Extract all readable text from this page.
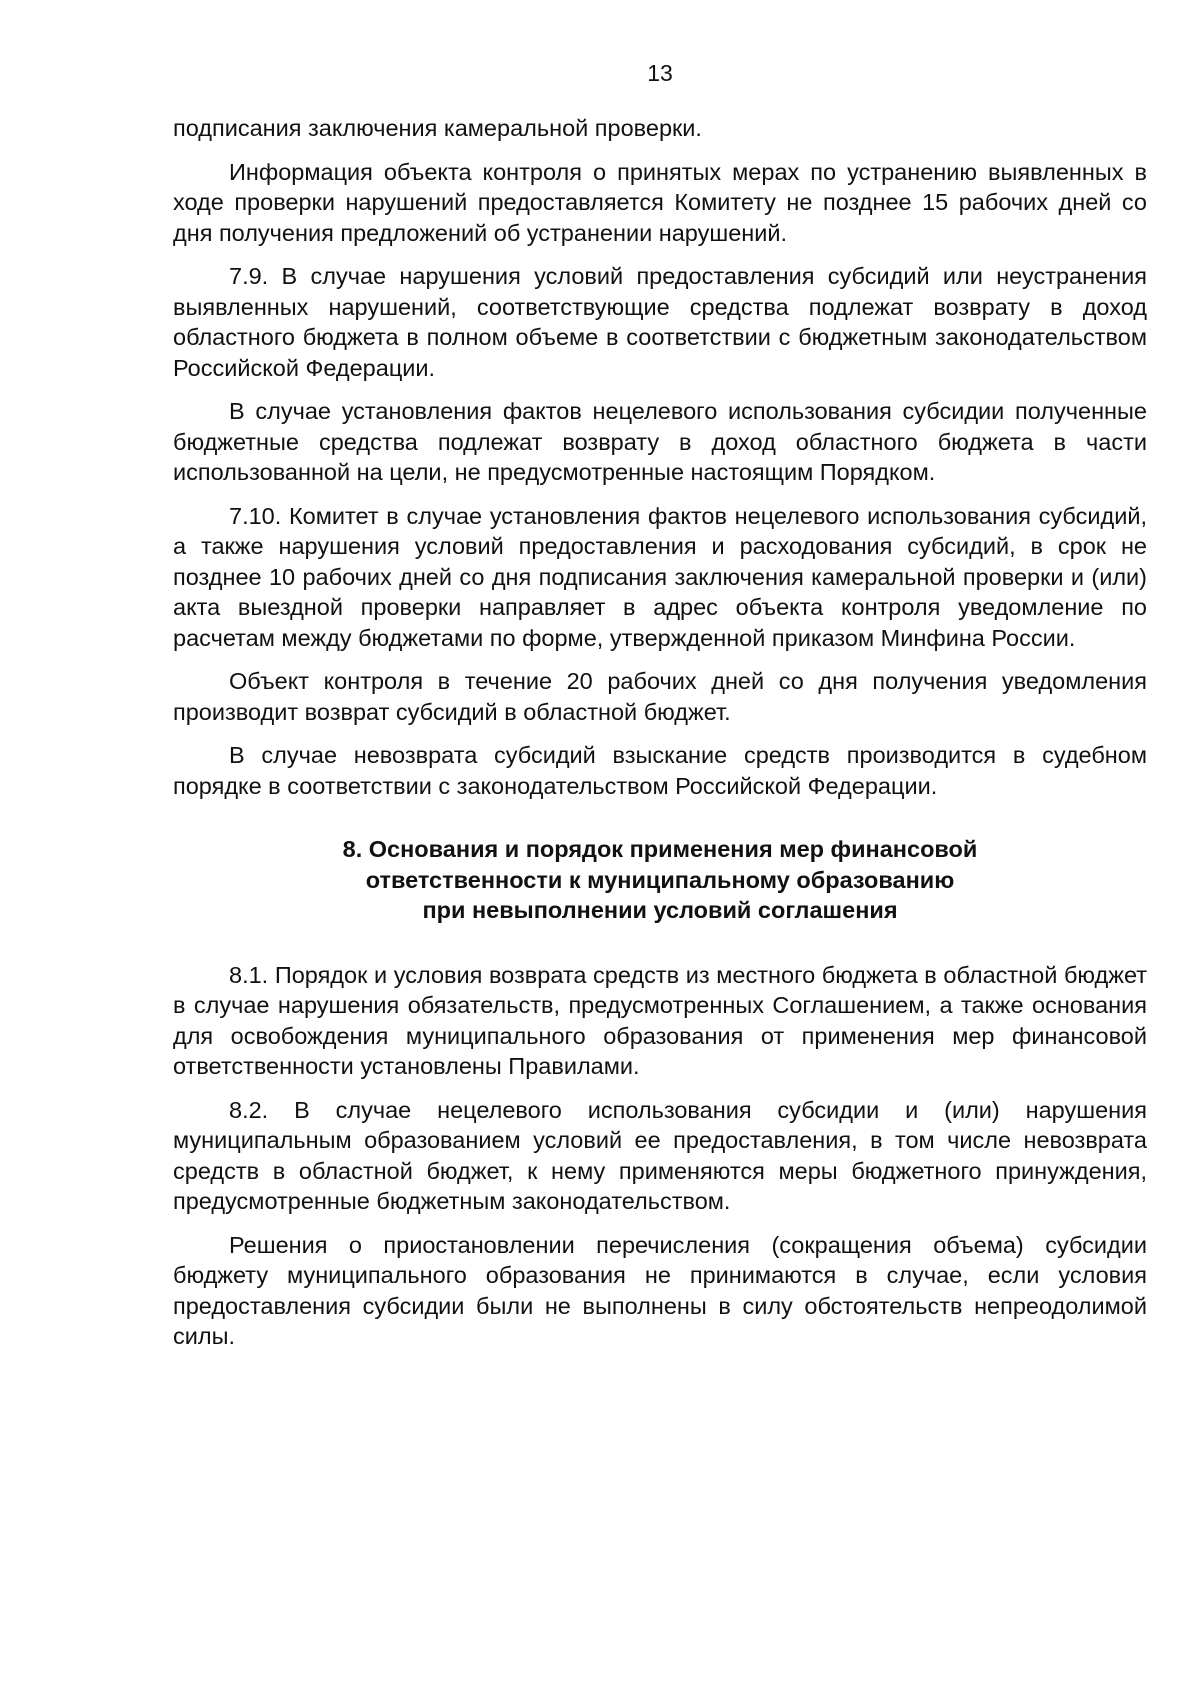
13

подписания заключения камеральной проверки.

Информация объекта контроля о принятых мерах по устранению выявленных в ходе проверки нарушений предоставляется Комитету не позднее 15 рабочих дней со дня получения предложений об устранении нарушений.

7.9. В случае нарушения условий предоставления субсидий или неустранения выявленных нарушений, соответствующие средства подлежат возврату в доход областного бюджета в полном объеме в соответствии с бюджетным законодательством Российской Федерации.

В случае установления фактов нецелевого использования субсидии полученные бюджетные средства подлежат возврату в доход областного бюджета в части использованной на цели, не предусмотренные настоящим Порядком.

7.10. Комитет в случае установления фактов нецелевого использования субсидий, а также нарушения условий предоставления и расходования субсидий, в срок не позднее 10 рабочих дней со дня подписания заключения камеральной проверки и (или) акта выездной проверки направляет в адрес объекта контроля уведомление по расчетам между бюджетами по форме, утвержденной приказом Минфина России.

Объект контроля в течение 20 рабочих дней со дня получения уведомления производит возврат субсидий в областной бюджет.

В случае невозврата субсидий взыскание средств производится в судебном порядке в соответствии с законодательством Российской Федерации.

8. Основания и порядок применения мер финансовой
ответственности к муниципальному образованию
при невыполнении условий соглашения

8.1. Порядок и условия возврата средств из местного бюджета в областной бюджет в случае нарушения обязательств, предусмотренных Соглашением, а также основания для освобождения муниципального образования от применения мер финансовой ответственности установлены Правилами.

8.2. В случае нецелевого использования субсидии и (или) нарушения муниципальным образованием условий ее предоставления, в том числе невозврата средств в областной бюджет, к нему применяются меры бюджетного принуждения, предусмотренные бюджетным законодательством.

Решения о приостановлении перечисления (сокращения объема) субсидии бюджету муниципального образования не принимаются в случае, если условия предоставления субсидии были не выполнены в силу обстоятельств непреодолимой силы.
